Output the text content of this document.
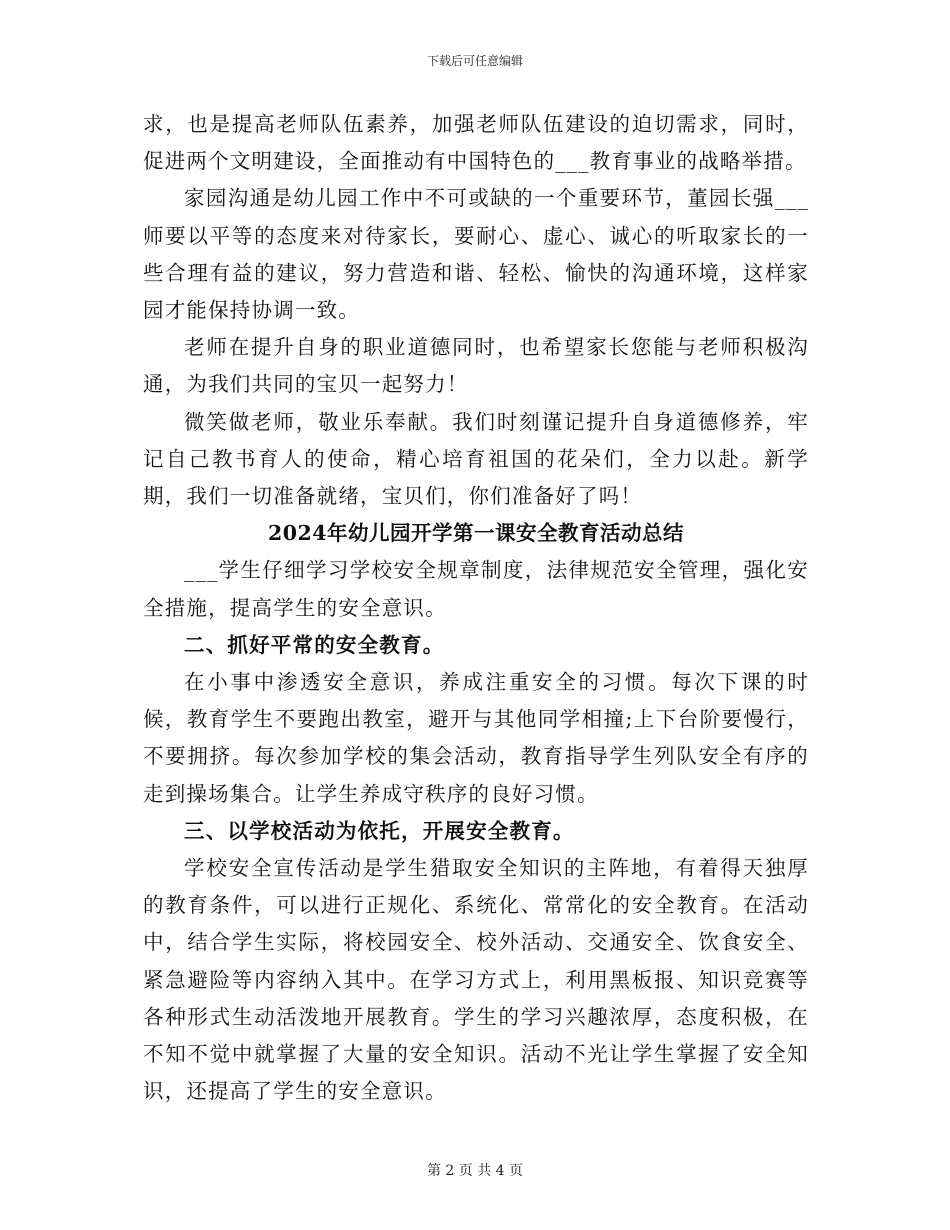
下载后可任意编辑

求，也是提高老师队伍素养，加强老师队伍建设的迫切需求，同时，促进两个文明建设，全面推动有中国特色的___教育事业的战略举措。

家园沟通是幼儿园工作中不可或缺的一个重要环节，董园长强___师要以平等的态度来对待家长，要耐心、虚心、诚心的听取家长的一些合理有益的建议，努力营造和谐、轻松、愉快的沟通环境，这样家园才能保持协调一致。

老师在提升自身的职业道德同时，也希望家长您能与老师积极沟通，为我们共同的宝贝一起努力！

微笑做老师，敬业乐奉献。我们时刻谨记提升自身道德修养，牢记自己教书育人的使命，精心培育祖国的花朵们，全力以赴。新学期，我们一切准备就绪，宝贝们，你们准备好了吗！

2024年幼儿园开学第一课安全教育活动总结

___学生仔细学习学校安全规章制度，法律规范安全管理，强化安全措施，提高学生的安全意识。

二、抓好平常的安全教育。

在小事中渗透安全意识，养成注重安全的习惯。每次下课的时候，教育学生不要跑出教室，避开与其他同学相撞;上下台阶要慢行，不要拥挤。每次参加学校的集会活动，教育指导学生列队安全有序的走到操场集合。让学生养成守秩序的良好习惯。

三、以学校活动为依托，开展安全教育。

学校安全宣传活动是学生猎取安全知识的主阵地，有着得天独厚的教育条件，可以进行正规化、系统化、常常化的安全教育。在活动中，结合学生实际，将校园安全、校外活动、交通安全、饮食安全、紧急避险等内容纳入其中。在学习方式上，利用黑板报、知识竞赛等各种形式生动活泼地开展教育。学生的学习兴趣浓厚，态度积极，在不知不觉中就掌握了大量的安全知识。活动不光让学生掌握了安全知识，还提高了学生的安全意识。

第 2 页 共 4 页
